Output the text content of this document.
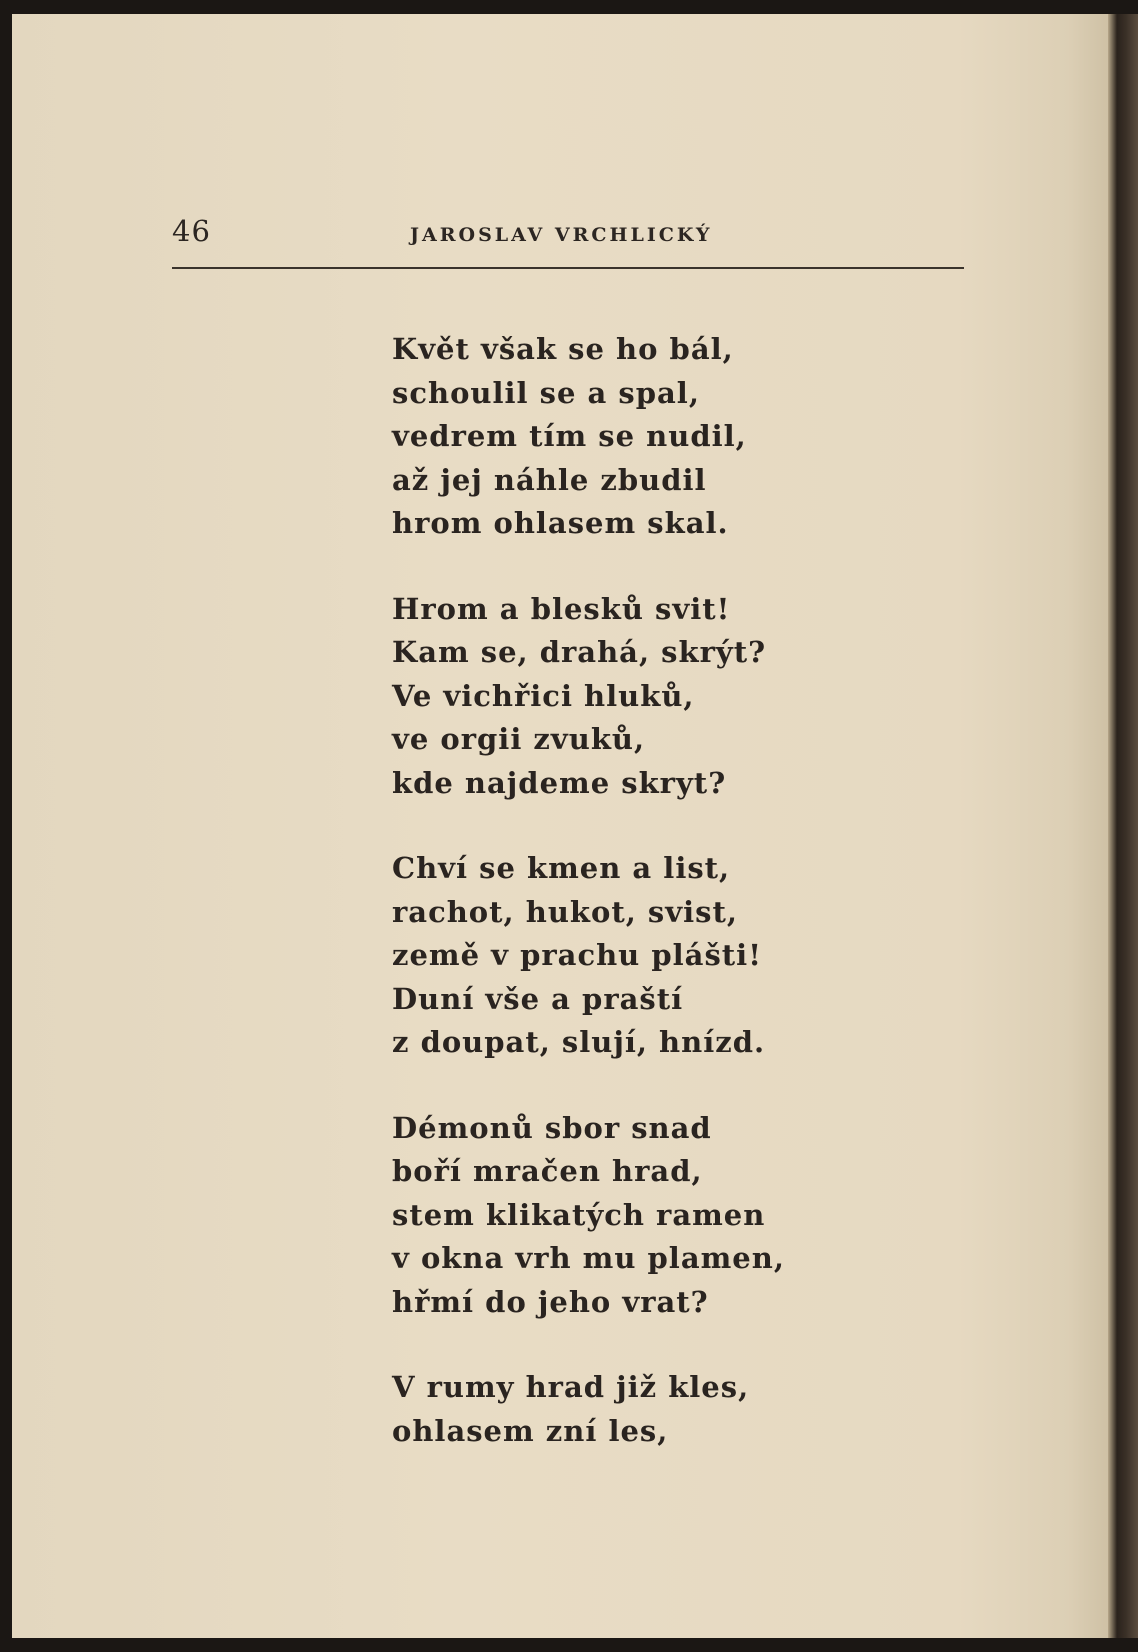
46	JAROSLAV VRCHLICKÝ
Květ však se ho bál,
schoulil se a spal,
vedrem tím se nudil,
až jej náhle zbudil
hrom ohlasem skal.
Hrom a blesků svit!
Kam se, drahá, skrýt?
Ve vichřici hluků,
ve orgii zvuků,
kde najdeme skryt?
Chví se kmen a list,
rachot, hukot, svist,
země v prachu plášti!
Duní vše a praští
z doupat, slují, hnízd.
Démonů sbor snad
boří mračen hrad,
stem klikatých ramen
v okna vrh mu plamen,
hřmí do jeho vrat?
V rumy hrad již kles,
ohlasem zní les,
